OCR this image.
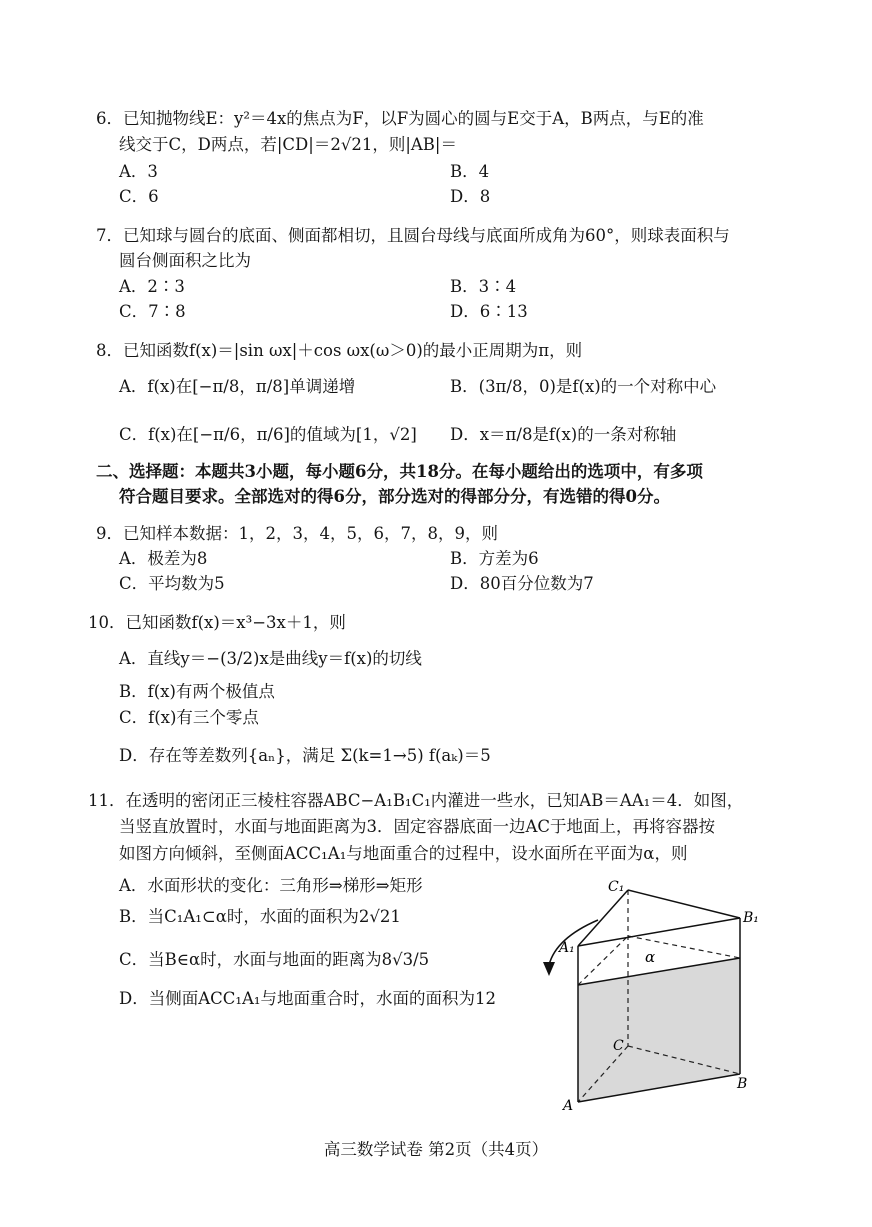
6．已知抛物线E：y²＝4x的焦点为F，以F为圆心的圆与E交于A，B两点，与E的准
线交于C，D两点，若|CD|＝2√21，则|AB|＝
A．3	B．4
C．6	D．8
7．已知球与圆台的底面、侧面都相切，且圆台母线与底面所成角为60°，则球表面积与
圆台侧面积之比为
A．2∶3	B．3∶4
C．7∶8	D．6∶13
8．已知函数f(x)＝|sin ωx|＋cos ωx(ω＞0)的最小正周期为π，则
A．f(x)在[−π/8，π/8]单调递增	B．(3π/8，0)是f(x)的一个对称中心
C．f(x)在[−π/6，π/6]的值域为[1，√2] D．x＝π/8是f(x)的一条对称轴
二、选择题：本题共3小题，每小题6分，共18分。在每小题给出的选项中，有多项
符合题目要求。全部选对的得6分，部分选对的得部分分，有选错的得0分。
9．已知样本数据：1，2，3，4，5，6，7，8，9，则
A．极差为8	B．方差为6
C．平均数为5	D．80百分位数为7
10．已知函数f(x)＝x³−3x＋1，则
A．直线y＝−(3/2)x是曲线y＝f(x)的切线
B．f(x)有两个极值点
C．f(x)有三个零点
D．存在等差数列{aₙ}，满足 Σ(k=1→5) f(aₖ)＝5
11．在透明的密闭正三棱柱容器ABC−A₁B₁C₁内灌进一些水，已知AB＝AA₁＝4．如图，
当竖直放置时，水面与地面距离为3．固定容器底面一边AC于地面上，再将容器按
如图方向倾斜，至侧面ACC₁A₁与地面重合的过程中，设水面所在平面为α，则
A．水面形状的变化：三角形⇒梯形⇒矩形
B．当C₁A₁⊂α时，水面的面积为2√21
C．当B∈α时，水面与地面的距离为8√3/5
D．当侧面ACC₁A₁与地面重合时，水面的面积为12
C₁
B₁
A₁	α
C
B
A
高三数学试卷 第2页（共4页）
